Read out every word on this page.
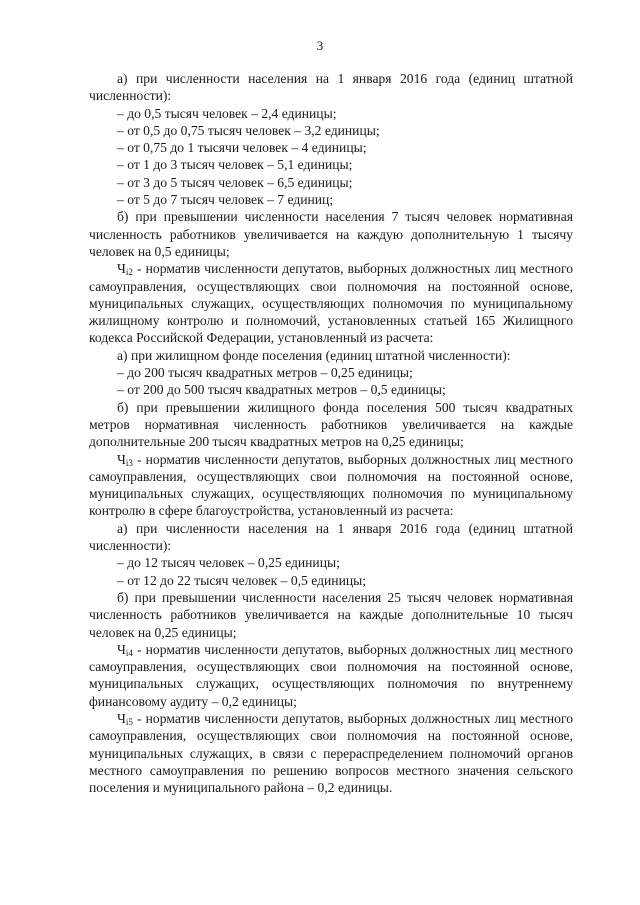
3
а) при численности населения на 1 января 2016 года (единиц штатной численности):
– до 0,5 тысяч человек – 2,4 единицы;
– от 0,5 до 0,75 тысяч человек – 3,2 единицы;
– от 0,75 до 1 тысячи человек – 4 единицы;
– от 1 до 3 тысяч человек – 5,1 единицы;
– от 3 до 5 тысяч человек – 6,5 единицы;
– от 5 до 7 тысяч человек – 7 единиц;
б) при превышении численности населения 7 тысяч человек нормативная численность работников увеличивается на каждую дополнительную 1 тысячу человек на 0,5 единицы;
$Ч_{i2}$ - норматив численности депутатов, выборных должностных лиц местного самоуправления, осуществляющих свои полномочия на постоянной основе, муниципальных служащих, осуществляющих полномочия по муниципальному жилищному контролю и полномочий, установленных статьей 165 Жилищного кодекса Российской Федерации, установленный из расчета:
а) при жилищном фонде поселения (единиц штатной численности):
– до 200 тысяч квадратных метров – 0,25 единицы;
– от 200 до 500 тысяч квадратных метров – 0,5 единицы;
б) при превышении жилищного фонда поселения 500 тысяч квадратных метров нормативная численность работников увеличивается на каждые дополнительные 200 тысяч квадратных метров на 0,25 единицы;
$Ч_{i3}$ - норматив численности депутатов, выборных должностных лиц местного самоуправления, осуществляющих свои полномочия на постоянной основе, муниципальных служащих, осуществляющих полномочия по муниципальному контролю в сфере благоустройства, установленный из расчета:
а) при численности населения на 1 января 2016 года (единиц штатной численности):
– до 12 тысяч человек – 0,25 единицы;
– от 12 до 22 тысяч человек – 0,5 единицы;
б) при превышении численности населения 25 тысяч человек нормативная численность работников увеличивается на каждые дополнительные 10 тысяч человек на 0,25 единицы;
$Ч_{i4}$ - норматив численности депутатов, выборных должностных лиц местного самоуправления, осуществляющих свои полномочия на постоянной основе, муниципальных служащих, осуществляющих полномочия по внутреннему финансовому аудиту – 0,2 единицы;
$Ч_{i5}$ - норматив численности депутатов, выборных должностных лиц местного самоуправления, осуществляющих свои полномочия на постоянной основе, муниципальных служащих, в связи с перераспределением полномочий органов местного самоуправления по решению вопросов местного значения сельского поселения и муниципального района – 0,2 единицы.
